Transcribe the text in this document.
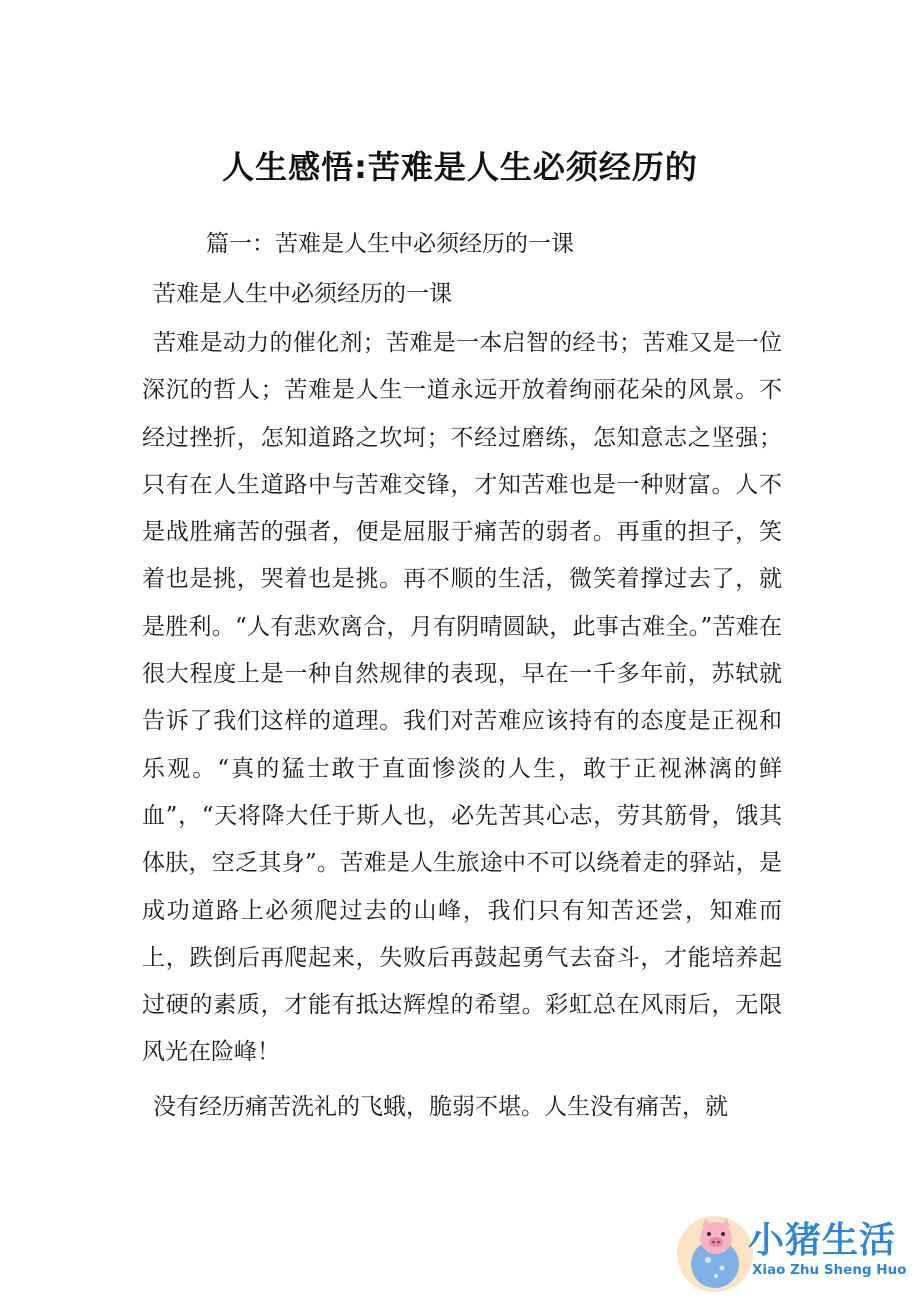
人生感悟:苦难是人生必须经历的
篇一：苦难是人生中必须经历的一课
苦难是人生中必须经历的一课

苦难是动力的催化剂；苦难是一本启智的经书；苦难又是一位深沉的哲人；苦难是人生一道永远开放着绚丽花朵的风景。不经过挫折，怎知道路之坎坷；不经过磨练，怎知意志之坚强；只有在人生道路中与苦难交锋，才知苦难也是一种财富。人不是战胜痛苦的强者，便是屈服于痛苦的弱者。再重的担子，笑着也是挑，哭着也是挑。再不顺的生活，微笑着撑过去了，就是胜利。“人有悲欢离合，月有阴晴圆缺，此事古难全。”苦难在很大程度上是一种自然规律的表现，早在一千多年前，苏轼就告诉了我们这样的道理。我们对苦难应该持有的态度是正视和乐观。“真的猛士敢于直面惨淡的人生，敢于正视淋漓的鲜血”，“天将降大任于斯人也，必先苦其心志，劳其筋骨，饿其体肤，空乏其身”。苦难是人生旅途中不可以绕着走的驿站，是成功道路上必须爬过去的山峰，我们只有知苦还尝，知难而上，跌倒后再爬起来，失败后再鼓起勇气去奋斗，才能培养起过硬的素质，才能有抵达辉煌的希望。彩虹总在风雨后，无限风光在险峰！

没有经历痛苦洗礼的飞蛾，脆弱不堪。人生没有痛苦，就

小猪生活
Xiao Zhu Sheng Huo
